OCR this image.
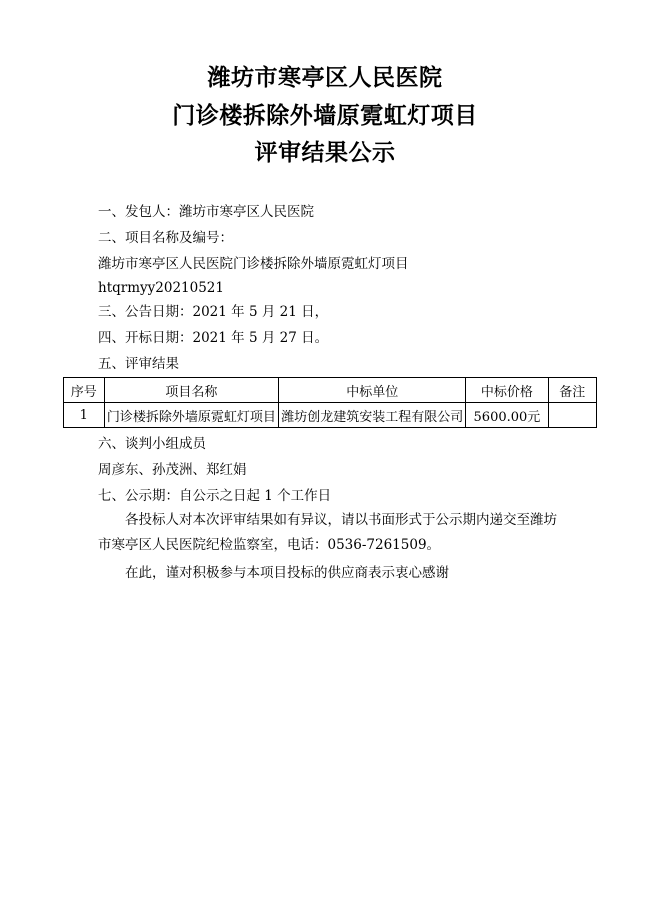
潍坊市寒亭区人民医院
门诊楼拆除外墙原霓虹灯项目
评审结果公示
一、发包人：潍坊市寒亭区人民医院
二、项目名称及编号：
潍坊市寒亭区人民医院门诊楼拆除外墙原霓虹灯项目
htqrmyy20210521
三、公告日期：2021 年 5 月 21 日，
四、开标日期：2021 年 5 月 27 日。
五、评审结果
序号	项目名称	中标单位	中标价格	备注
1	门诊楼拆除外墙原霓虹灯项目	潍坊创龙建筑安装工程有限公司	5600.00元	
六、谈判小组成员
周彦东、孙茂洲、郑红娟
七、公示期：自公示之日起 1 个工作日
各投标人对本次评审结果如有异议，请以书面形式于公示期内递交至潍坊市寒亭区人民医院纪检监察室，电话：0536-7261509。
在此，谨对积极参与本项目投标的供应商表示衷心感谢
